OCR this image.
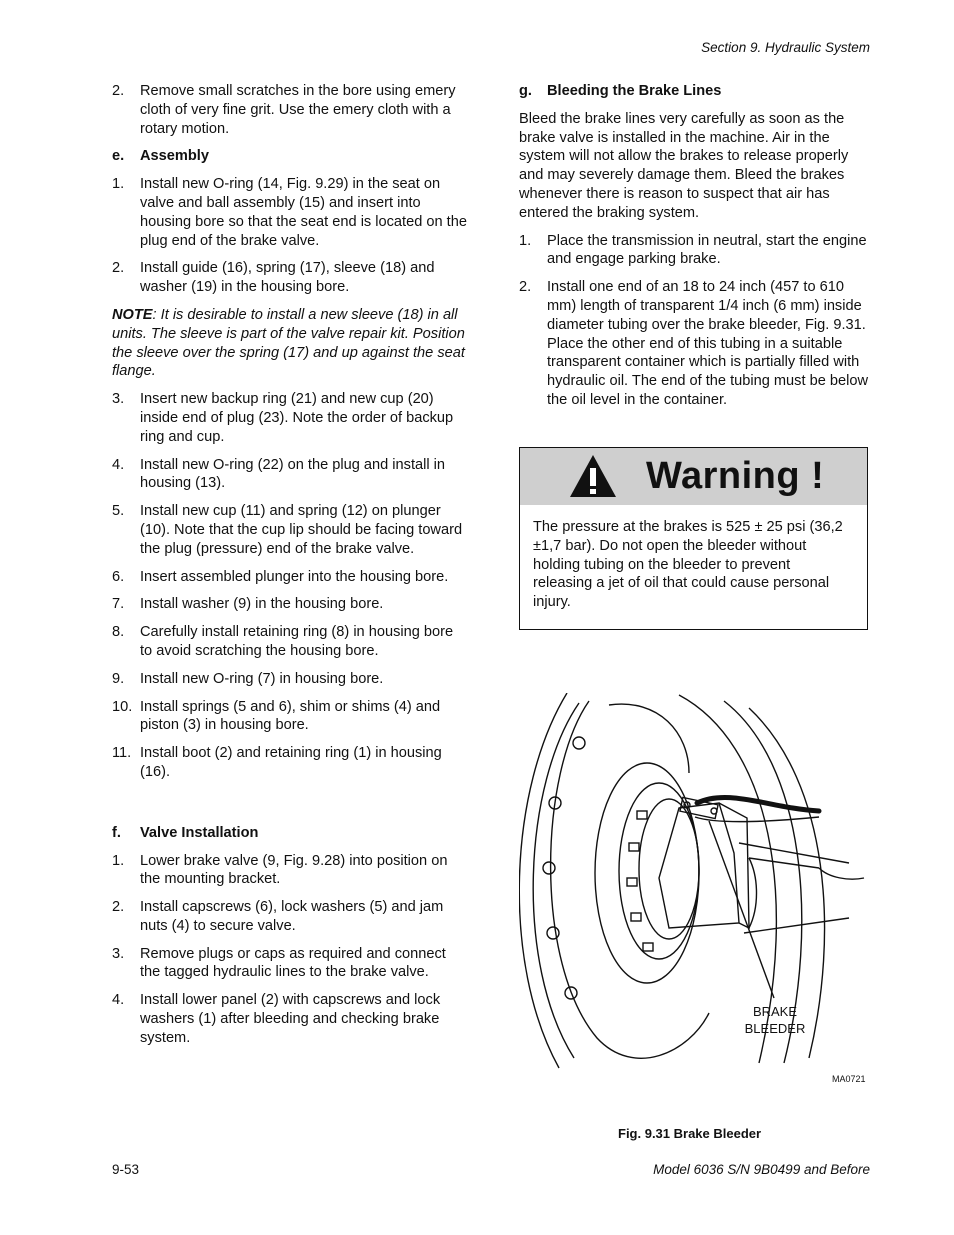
Section 9. Hydraulic System
2.	Remove small scratches in the bore using emery cloth of very fine grit. Use the emery cloth with a rotary motion.
e. Assembly
1.	Install new O-ring (14, Fig. 9.29) in the seat on valve and ball assembly (15) and insert into housing bore so that the seat end is located on the plug end of the brake valve.
2.	Install guide (16), spring (17), sleeve (18) and washer (19) in the housing bore.
NOTE: It is desirable to install a new sleeve (18) in all units. The sleeve is part of the valve repair kit. Position the sleeve over the spring (17) and up against the seat flange.
3.	Insert new backup ring (21) and new cup (20) inside end of plug (23). Note the order of backup ring and cup.
4.	Install new O-ring (22) on the plug and install in housing (13).
5.	Install new cup (11) and spring (12) on plunger (10). Note that the cup lip should be facing toward the plug (pressure) end of the brake valve.
6.	Insert assembled plunger into the housing bore.
7.	Install washer (9) in the housing bore.
8.	Carefully install retaining ring (8) in housing bore to avoid scratching the housing bore.
9.	Install new O-ring (7) in housing bore.
10. Install springs (5 and 6), shim or shims (4) and piston (3) in housing bore.
11. Install boot (2) and retaining ring (1) in housing (16).
f. Valve Installation
1.	Lower brake valve (9, Fig. 9.28) into position on the mounting bracket.
2.	Install capscrews (6), lock washers (5) and jam nuts (4) to secure valve.
3.	Remove plugs or caps as required and connect the tagged hydraulic lines to the brake valve.
4.	Install lower panel (2) with capscrews and lock washers (1) after bleeding and checking brake system.
g. Bleeding the Brake Lines
Bleed the brake lines very carefully as soon as the brake valve is installed in the machine. Air in the system will not allow the brakes to release properly and may severely damage them. Bleed the brakes whenever there is reason to suspect that air has entered the braking system.
1.	Place the transmission in neutral, start the engine and engage parking brake.
2.	Install one end of an 18 to 24 inch (457 to 610 mm) length of transparent 1/4 inch (6 mm) inside diameter tubing over the brake bleeder, Fig. 9.31. Place the other end of this tubing in a suitable transparent container which is partially filled with hydraulic oil. The end of the tubing must be below the oil level in the container.
Warning !
The pressure at the brakes is 525 ± 25 psi (36,2 ±1,7 bar). Do not open the bleeder without holding tubing on the bleeder to prevent releasing a jet of oil that could cause personal injury.
BRAKE
BLEEDER
MA0721
Fig. 9.31 Brake Bleeder
9-53	Model 6036 S/N 9B0499 and Before
